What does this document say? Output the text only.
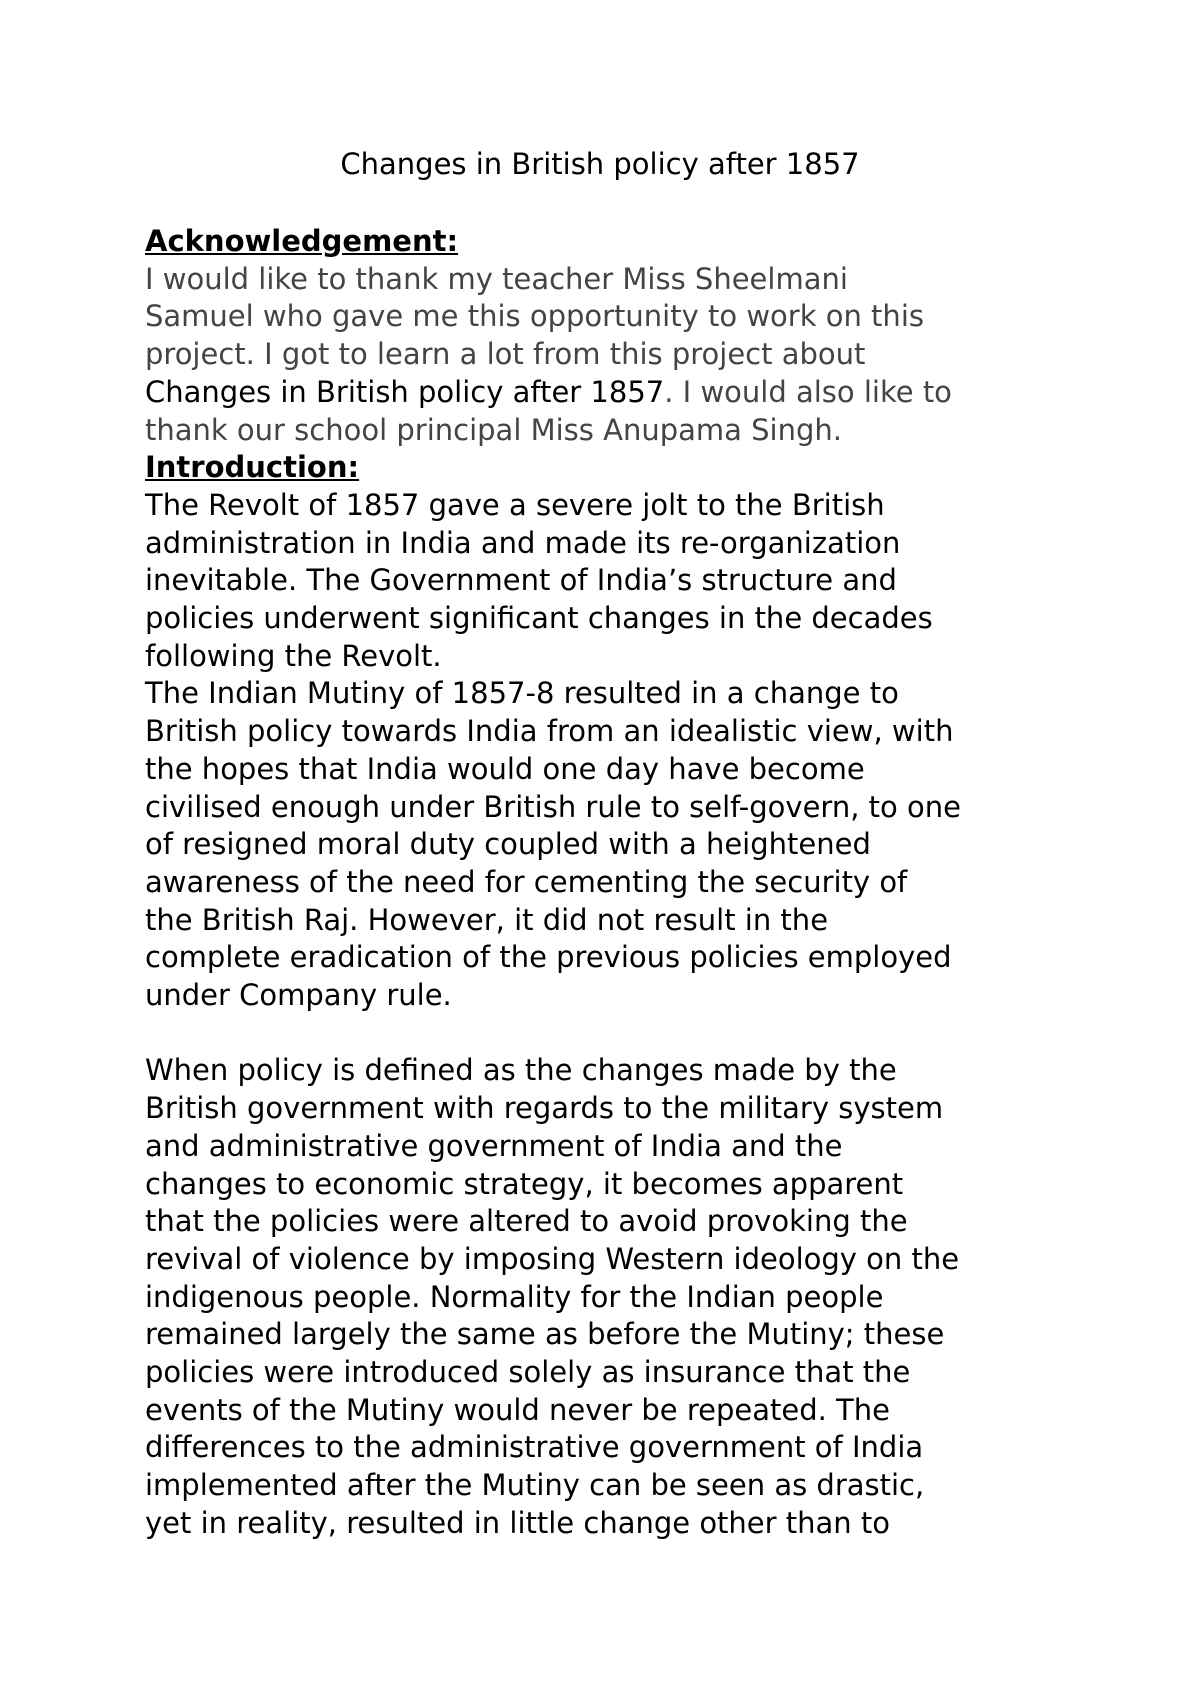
Changes in British policy after 1857
Acknowledgement:

I would like to thank my teacher Miss Sheelmani
Samuel who gave me this opportunity to work on this
project. I got to learn a lot from this project about
Changes in British policy after 1857. I would also like to
thank our school principal Miss Anupama Singh.

Introduction:

The Revolt of 1857 gave a severe jolt to the British
administration in India and made its re-organization
inevitable. The Government of India’s structure and
policies underwent significant changes in the decades
following the Revolt.

The Indian Mutiny of 1857-8 resulted in a change to
British policy towards India from an idealistic view, with
the hopes that India would one day have become
civilised enough under British rule to self-govern, to one
of resigned moral duty coupled with a heightened
awareness of the need for cementing the security of
the British Raj. However, it did not result in the
complete eradication of the previous policies employed
under Company rule.

When policy is defined as the changes made by the
British government with regards to the military system
and administrative government of India and the
changes to economic strategy, it becomes apparent
that the policies were altered to avoid provoking the
revival of violence by imposing Western ideology on the
indigenous people. Normality for the Indian people
remained largely the same as before the Mutiny; these
policies were introduced solely as insurance that the
events of the Mutiny would never be repeated. The
differences to the administrative government of India
implemented after the Mutiny can be seen as drastic,
yet in reality, resulted in little change other than to
